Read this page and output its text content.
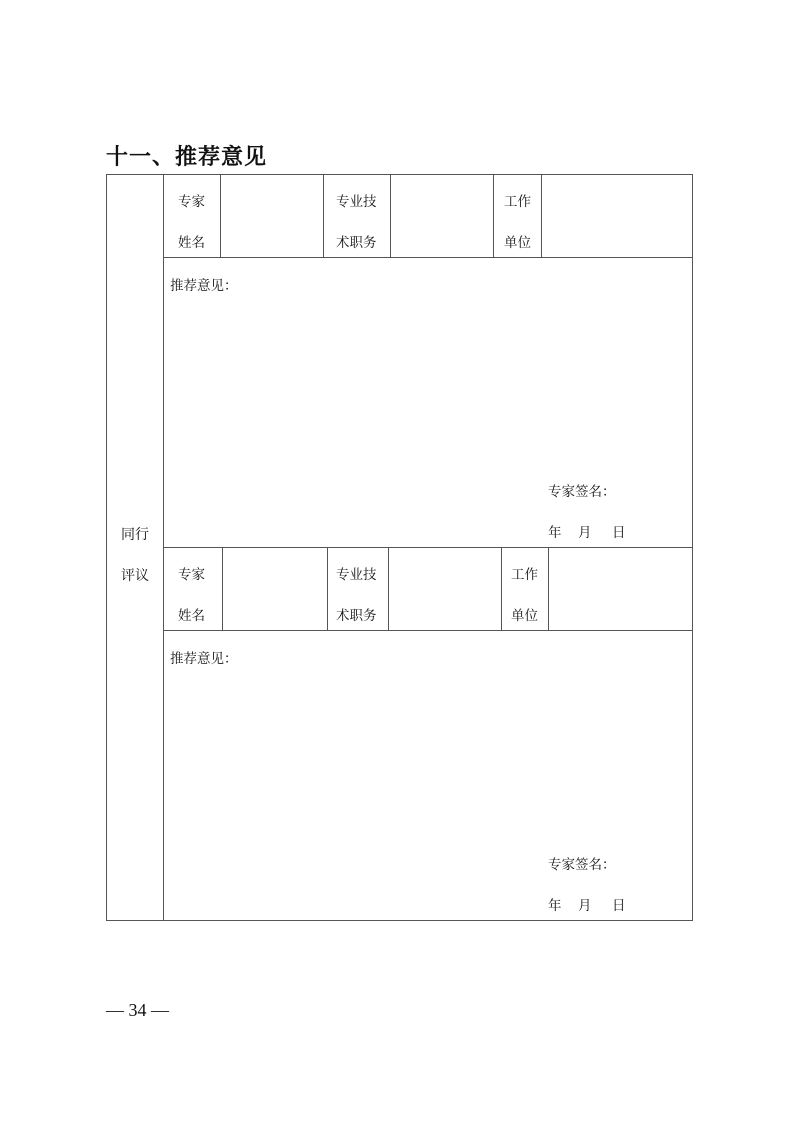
十一、推荐意见
同行
评议
专家
姓名
专业技
术职务
工作
单位
推荐意见：
专家签名：
年 月 日
专家
姓名
专业技
术职务
工作
单位
推荐意见：
专家签名：
年 月 日
— 34 —
